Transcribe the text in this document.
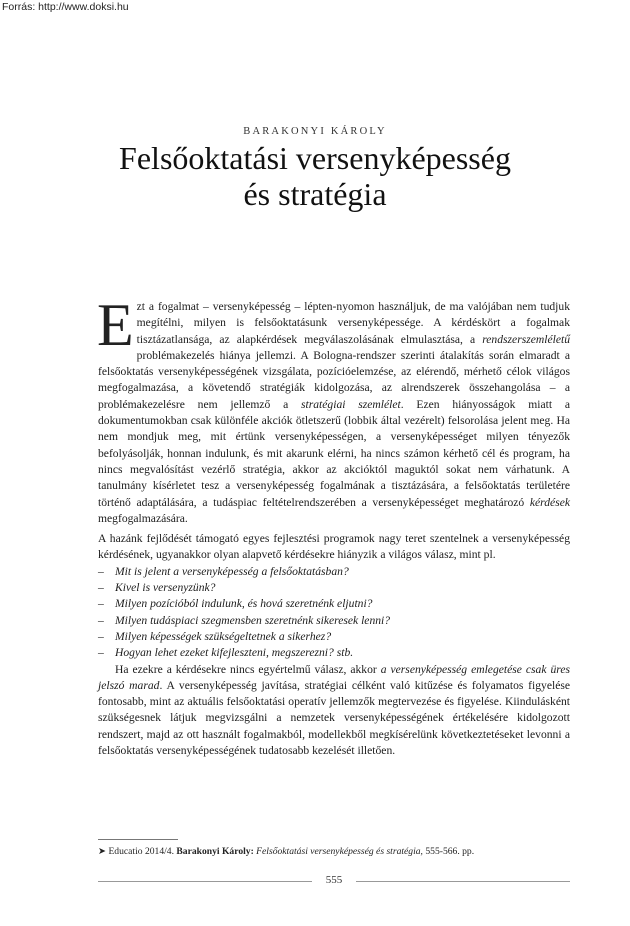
Forrás: http://www.doksi.hu
BARAKONYI KÁROLY
Felsőoktatási versenyképesség
és stratégia

Ezt a fogalmat – versenyképesség – lépten-nyomon használjuk, de ma valójában nem tudjuk megítélni, milyen is felsőoktatásunk versenyképessége. A kérdéskört a fogalmak tisztázatlansága, az alapkérdések megválaszolásának elmulasztása, a rendszerszemléletű problémakezelés hiánya jellemzi. A Bologna-rendszer szerinti átalakítás során elmaradt a felsőoktatás versenyképességének vizsgálata, pozícióelemzése, az elérendő, mérhető célok világos megfogalmazása, a követendő stratégiák kidolgozása, az alrendszerek összehangolása – a problémakezelésre nem jellemző a stratégiai szemlélet. Ezen hiányosságok miatt a dokumentumokban csak különféle akciók ötletszerű (lobbik által vezérelt) felsorolása jelent meg. Ha nem mondjuk meg, mit értünk versenyképességen, a versenyképességet milyen tényezők befolyásolják, honnan indulunk, és mit akarunk elérni, ha nincs számon kérhető cél és program, ha nincs megvalósítást vezérlő stratégia, akkor az akcióktól maguktól sokat nem várhatunk. A tanulmány kísérletet tesz a versenyképesség fogalmának a tisztázására, a felsőoktatás területére történő adaptálására, a tudáspiac feltételrendszerében a versenyképességet meghatározó kérdések megfogalmazására.

A hazánk fejlődését támogató egyes fejlesztési programok nagy teret szentelnek a versenyképesség kérdésének, ugyanakkor olyan alapvető kérdésekre hiányzik a világos válasz, mint pl.

– Mit is jelent a versenyképesség a felsőoktatásban?
– Kivel is versenyzünk?
– Milyen pozícióból indulunk, és hová szeretnénk eljutni?
– Milyen tudáspiaci szegmensben szeretnénk sikeresek lenni?
– Milyen képességek szükségeltetnek a sikerhez?
– Hogyan lehet ezeket kifejleszteni, megszerezni? stb.

Ha ezekre a kérdésekre nincs egyértelmű válasz, akkor a versenyképesség emlegetése csak üres jelszó marad. A versenyképesség javítása, stratégiai célként való kitűzése és folyamatos figyelése fontosabb, mint az aktuális felsőoktatási operatív jellemzők megtervezése és figyelése. Kiindulásként szükségesnek látjuk megvizsgálni a nemzetek versenyképességének értékelésére kidolgozott rendszert, majd az ott használt fogalmakból, modellekből megkísérelünk következtetéseket levonni a felsőoktatás versenyképességének tudatosabb kezelését illetően.

➤ Educatio 2014/4. Barakonyi Károly: Felsőoktatási versenyképesség és stratégia, 555-566. pp.
555
